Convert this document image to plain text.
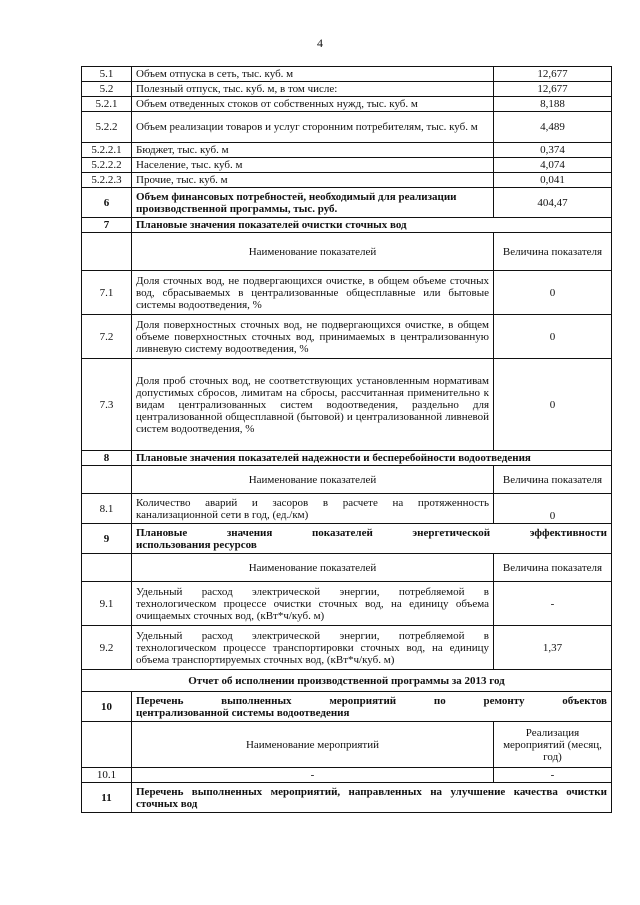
4
5.1	Объем отпуска в сеть, тыс. куб. м	12,677
5.2	Полезный отпуск, тыс. куб. м, в том числе:	12,677
5.2.1	Объем отведенных стоков от собственных нужд, тыс. куб. м	8,188
5.2.2	Объем реализации товаров и услуг сторонним потребителям, тыс. куб. м	4,489
5.2.2.1	Бюджет, тыс. куб. м	0,374
5.2.2.2	Население, тыс. куб. м	4,074
5.2.2.3	Прочие, тыс. куб. м	0,041
6	Объем финансовых потребностей, необходимый для реализации производственной программы, тыс. руб.	404,47
7	Плановые значения показателей очистки сточных вод	
	Наименование показателей	Величина показателя
7.1	Доля сточных вод, не подвергающихся очистке, в общем объеме сточных вод, сбрасываемых в централизованные общесплавные или бытовые системы водоотведения, %	0
7.2	Доля поверхностных сточных вод, не подвергающихся очистке, в общем объеме поверхностных сточных вод, принимаемых в централизованную ливневую систему водоотведения, %	0
7.3	Доля проб сточных вод, не соответствующих установленным нормативам допустимых сбросов, лимитам на сбросы, рассчитанная применительно к видам централизованных систем водоотведения, раздельно для централизованной общесплавной (бытовой) и централизованной ливневой систем водоотведения, %	0
8	Плановые значения показателей надежности и бесперебойности водоотведения	
	Наименование показателей	Величина показателя
8.1	Количество аварий и засоров в расчете на протяженность канализационной сети в год, (ед./км)	0
9	Плановые значения показателей энергетической эффективности
использования ресурсов	
	Наименование показателей	Величина показателя
9.1	Удельный расход электрической энергии, потребляемой в технологическом процессе очистки сточных вод, на единицу объема очищаемых сточных вод, (кВт*ч/куб. м)	-
9.2	Удельный расход электрической энергии, потребляемой в технологическом процессе транспортировки сточных вод, на единицу объема транспортируемых сточных вод, (кВт*ч/куб. м)	1,37
Отчет об исполнении производственной программы за 2013 год		
10	Перечень выполненных мероприятий по ремонту объектов
централизованной системы водоотведения	
	Наименование мероприятий	Реализация мероприятий (месяц, год)
10.1	-	-
11	Перечень выполненных мероприятий, направленных на улучшение качества очистки сточных вод	
